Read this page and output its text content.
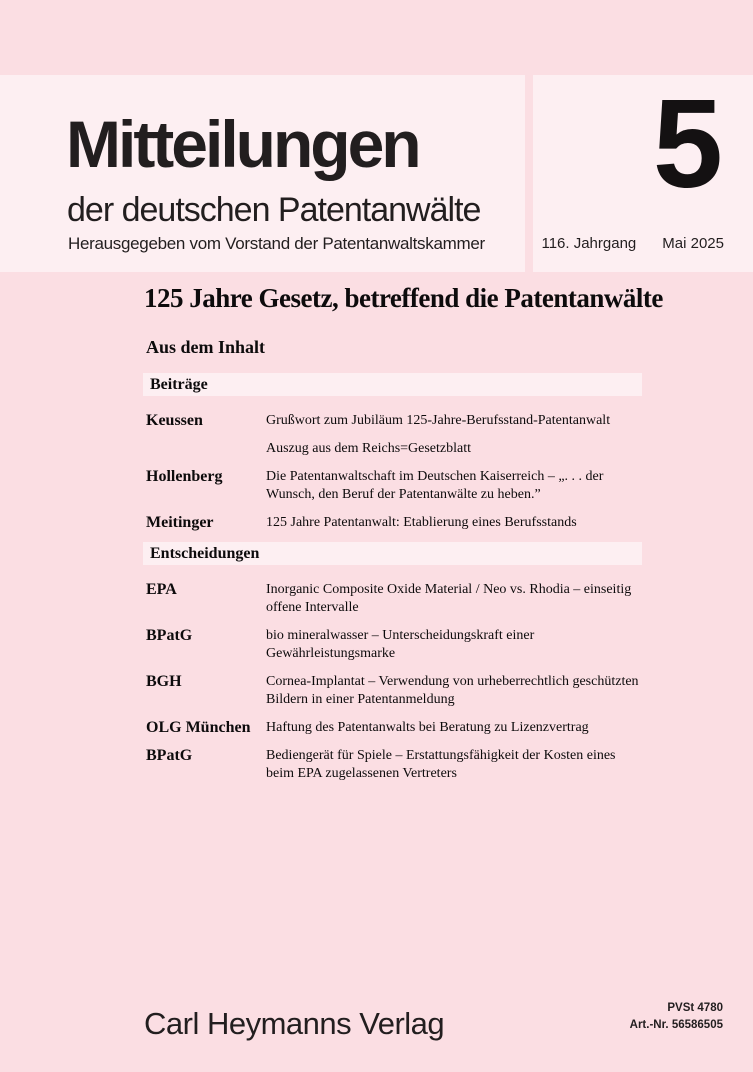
Mitteilungen
der deutschen Patentanwälte
Herausgegeben vom Vorstand der Patentanwaltskammer
5
116. Jahrgang Mai 2025
125 Jahre Gesetz, betreffend die Patentanwälte
Aus dem Inhalt
Beiträge
Keussen	Grußwort zum Jubiläum 125-Jahre-Berufsstand-Patentanwalt
Auszug aus dem Reichs=Gesetzblatt
Hollenberg	Die Patentanwaltschaft im Deutschen Kaiserreich – „. . . der Wunsch, den Beruf der Patentanwälte zu heben.”
Meitinger	125 Jahre Patentanwalt: Etablierung eines Berufsstands
Entscheidungen
EPA	Inorganic Composite Oxide Material / Neo vs. Rhodia – einseitig offene Intervalle
BPatG	bio mineralwasser – Unterscheidungskraft einer Gewährleistungsmarke
BGH	Cornea-Implantat – Verwendung von urheberrechtlich geschützten Bildern in einer Patentanmeldung
OLG München	Haftung des Patentanwalts bei Beratung zu Lizenzvertrag
BPatG	Bediengerät für Spiele – Erstattungsfähigkeit der Kosten eines beim EPA zugelassenen Vertreters
Carl Heymanns Verlag	PVSt 4780
Art.-Nr. 56586505
